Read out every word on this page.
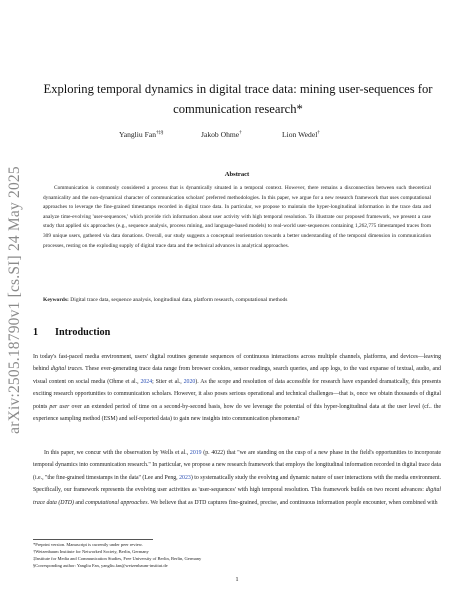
arXiv:2505.18790v1 [cs.SI] 24 May 2025
Exploring temporal dynamics in digital trace data: mining user-sequences for communication research*
Yangliu Fan†‡§	Jakob Ohme†	Lion Wedel†
Abstract
Communication is commonly considered a process that is dynamically situated in a temporal context. However, there remains a disconnection between such theoretical dynamicality and the non-dynamical character of communication scholars' preferred methodologies. In this paper, we argue for a new research framework that uses computational approaches to leverage the fine-grained timestamps recorded in digital trace data. In particular, we propose to maintain the hyper-longitudinal information in the trace data and analyze time-evolving 'user-sequences,' which provide rich information about user activity with high temporal resolution. To illustrate our proposed framework, we present a case study that applied six approaches (e.g., sequence analysis, process mining, and language-based models) to real-world user-sequences containing 1,262,775 timestamped traces from 309 unique users, gathered via data donations. Overall, our study suggests a conceptual reorientation towards a better understanding of the temporal dimension in communication processes, resting on the exploding supply of digital trace data and the technical advances in analytical approaches.
Keywords: Digital trace data, sequence analysis, longitudinal data, platform research, computational methods
1 Introduction
In today's fast-paced media environment, users' digital routines generate sequences of continuous interactions across multiple channels, platforms, and devices—leaving behind digital traces. These ever-generating trace data range from browser cookies, sensor readings, search queries, and app logs, to the vast expanse of textual, audio, and visual content on social media (Ohme et al., 2024; Stier et al., 2020). As the scope and resolution of data accessible for research have expanded dramatically, this presents exciting research opportunities to communication scholars. However, it also poses serious operational and technical challenges—that is, once we obtain thousands of digital points per user over an extended period of time on a second-by-second basis, how do we leverage the potential of this hyper-longitudinal data at the user level (cf.. the experience sampling method (ESM) and self-reported data) to gain new insights into communication phenomena?
In this paper, we concur with the observation by Wells et al., 2019 (p. 4022) that "we are standing on the cusp of a new phase in the field's opportunities to incorporate temporal dynamics into communication research." In particular, we propose a new research framework that employs the longitudinal information recorded in digital trace data (i.e., "the fine-grained timestamps in the data" (Lee and Peng, 2023) to systematically study the evolving and dynamic nature of user interactions with the media environment. Specifically, our framework represents the evolving user activities as 'user-sequences' with high temporal resolution. This framework builds on two recent advances: digital trace data (DTD) and computational approaches. We believe that as DTD captures fine-grained, precise, and continuous information people encounter, when combined with
*Preprint version. Manuscript is currently under peer review.
†Weizenbaum Institute for Networked Society, Berlin, Germany
‡Institute for Media and Communication Studies, Free University of Berlin, Berlin, Germany
§Corresponding author: Yangliu Fan, yangliu.fan@weizenbaum-institut.de
1
